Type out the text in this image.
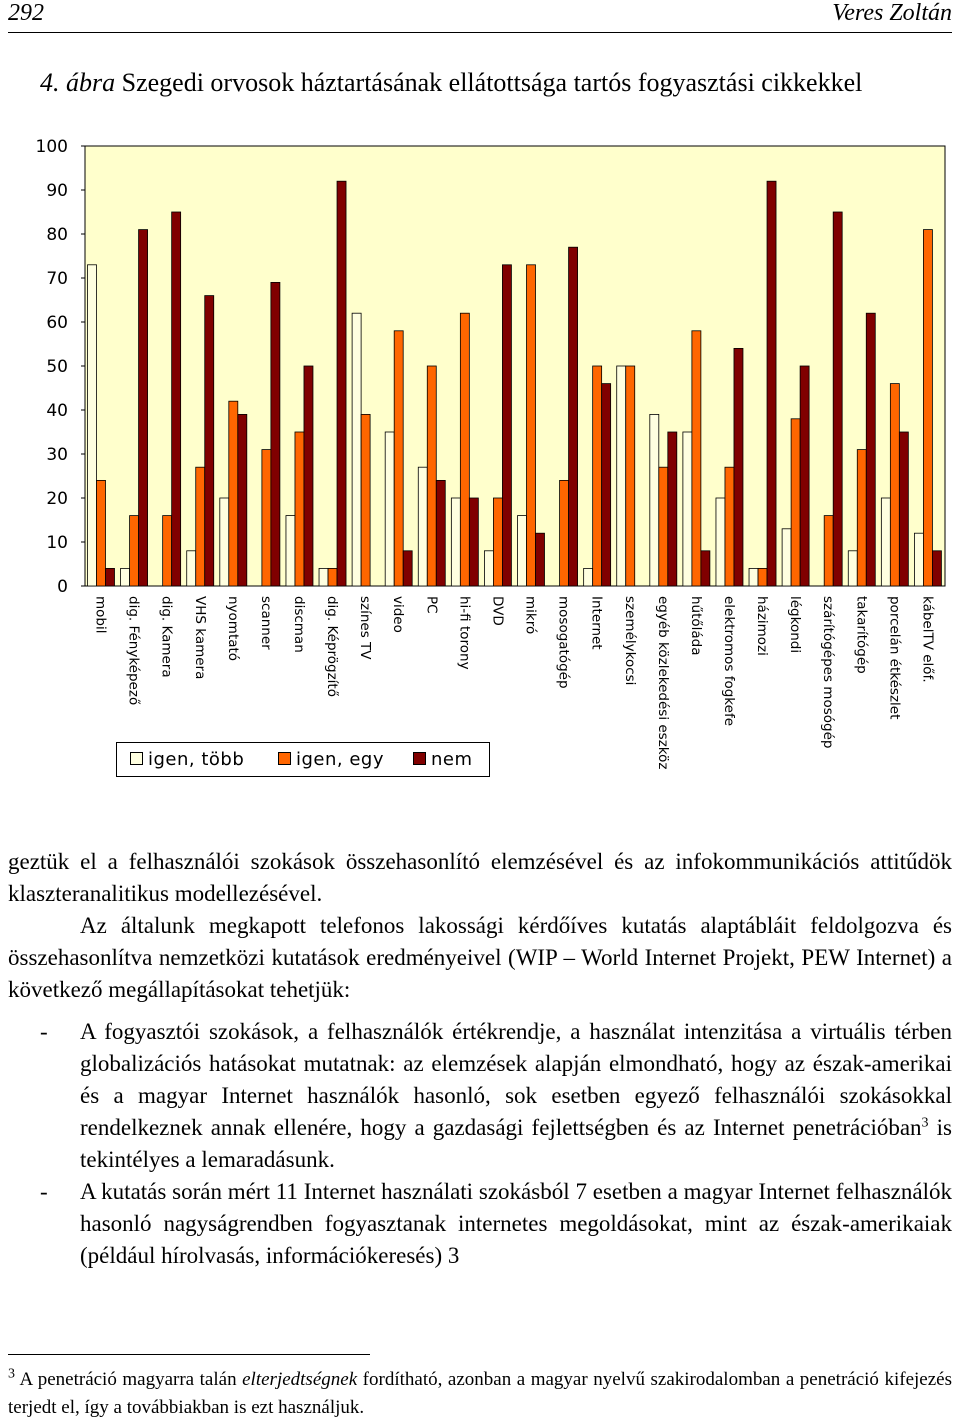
292	Veres Zoltán
4. ábra Szegedi orvosok háztartásának ellátottsága tartós fogyasztási cikkekkel
0
10
20
30
40
50
60
70
80
90
100
mobil dig. Fényképező dig. Kamera VHS kamera nyomtató scanner discman dig. Képrögzítő színes TV video PC hi-fi torony DVD mikró mosogatógép Internet személykocsi egyéb közlekedési eszköz hűtőláda elektromos fogkefe házimozi légkondi szárítógépes mosógép takarítógép porcelán étkészlet kábelTV előf.
igen, több	igen, egy	nem

geztük el a felhasználói szokások összehasonlító elemzésével és az infokommunikációs attitűdök klaszteranalitikus modellezésével.

Az általunk megkapott telefonos lakossági kérdőíves kutatás alaptábláit feldolgozva és összehasonlítva nemzetközi kutatások eredményeivel (WIP – World Internet Projekt, PEW Internet) a következő megállapításokat tehetjük:

- A fogyasztói szokások, a felhasználók értékrendje, a használat intenzitása a virtuális térben globalizációs hatásokat mutatnak: az elemzések alapján elmondható, hogy az észak-amerikai és a magyar Internet használók hasonló, sok esetben egyező felhasználói szokásokkal rendelkeznek annak ellenére, hogy a gazdasági fejlettségben és az Internet penetrációban$^3$ is tekintélyes a lemaradásunk.

- A kutatás során mért 11 Internet használati szokásból 7 esetben a magyar Internet felhasználók hasonló nagyságrendben fogyasztanak internetes megoldásokat, mint az észak-amerikaiak (például hírolvasás, információkeresés) 3

$^3$ A penetráció magyarra talán elterjedtségnek fordítható, azonban a magyar nyelvű szakirodalomban a penetráció kifejezés terjedt el, így a továbbiakban is ezt használjuk.
